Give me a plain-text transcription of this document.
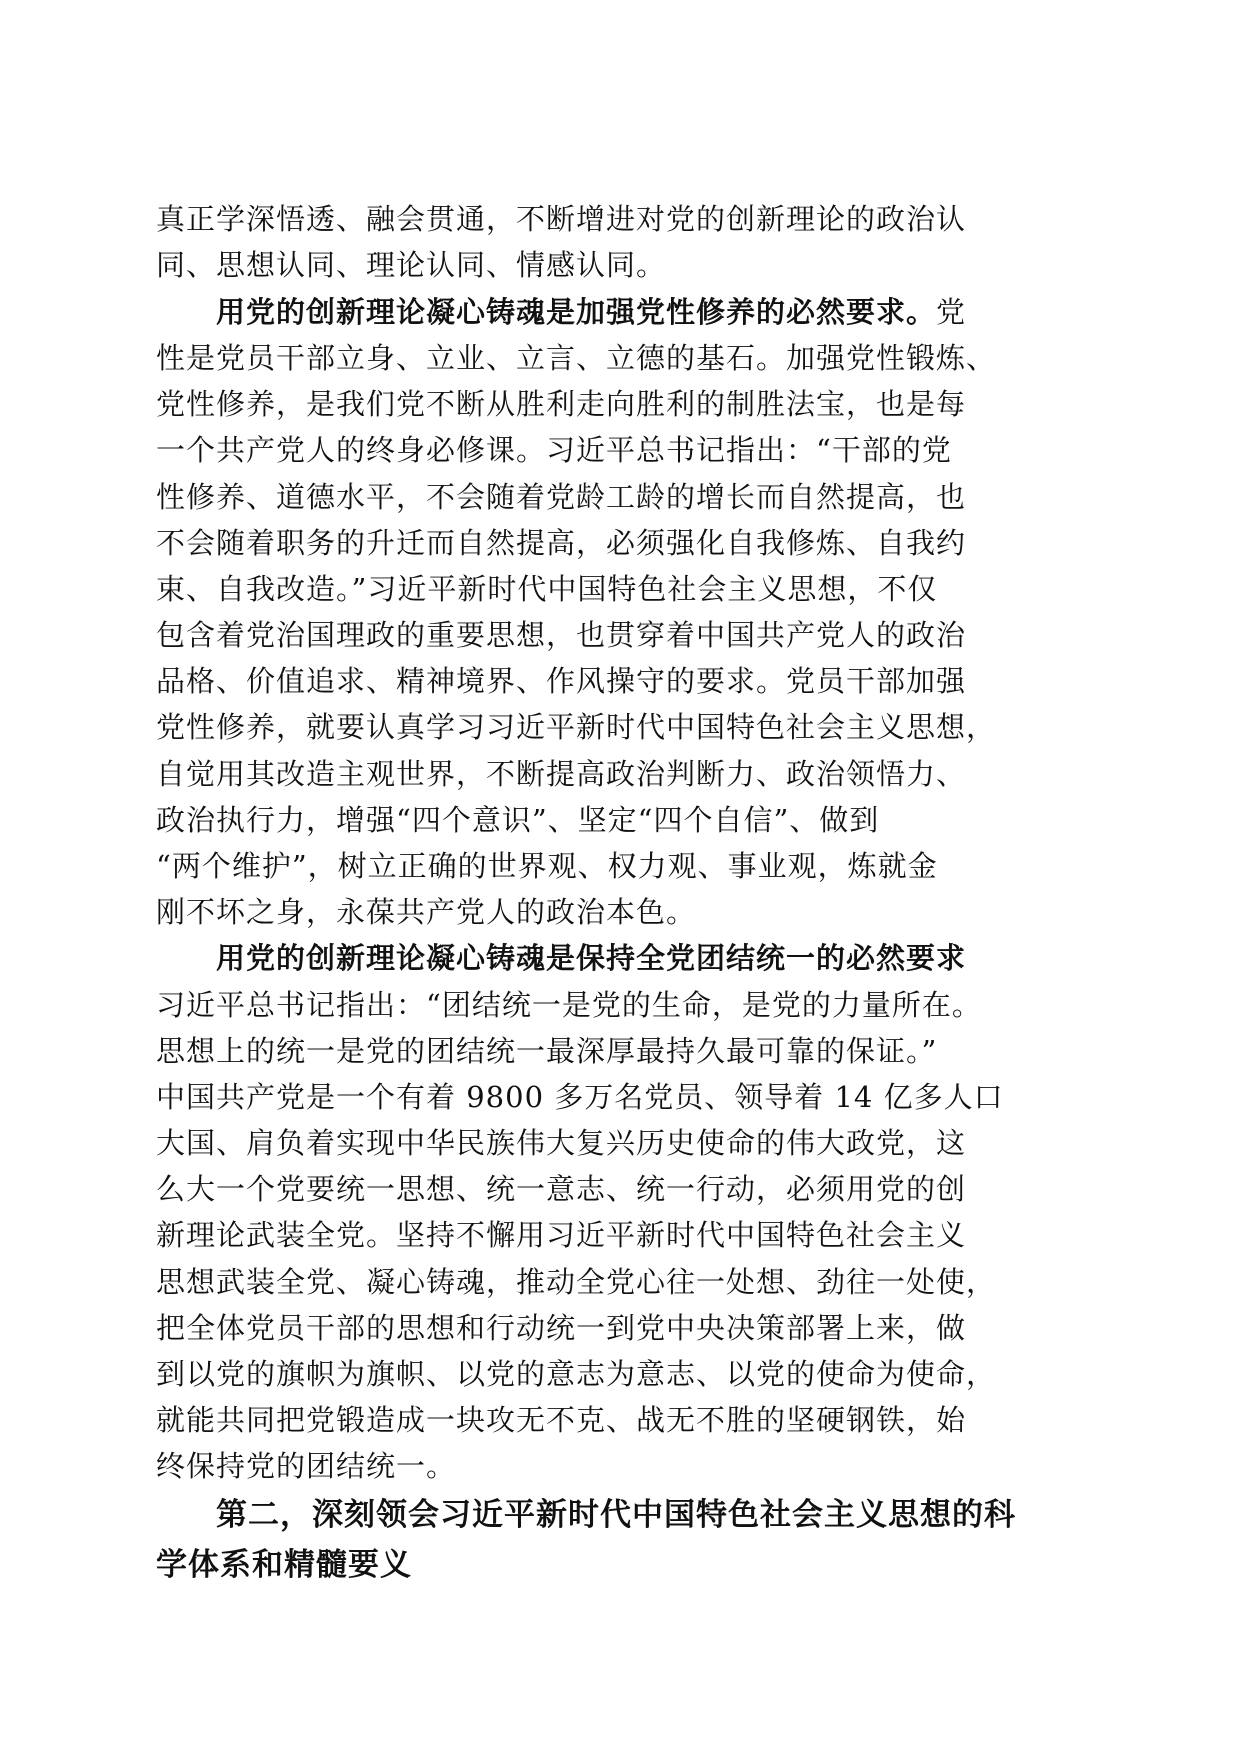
真正学深悟透、融会贯通，不断增进对党的创新理论的政治认
同、思想认同、理论认同、情感认同。
用党的创新理论凝心铸魂是加强党性修养的必然要求。党
性是党员干部立身、立业、立言、立德的基石。加强党性锻炼、
党性修养，是我们党不断从胜利走向胜利的制胜法宝，也是每
一个共产党人的终身必修课。习近平总书记指出：“干部的党
性修养、道德水平，不会随着党龄工龄的增长而自然提高，也
不会随着职务的升迁而自然提高，必须强化自我修炼、自我约
束、自我改造。”习近平新时代中国特色社会主义思想，不仅
包含着党治国理政的重要思想，也贯穿着中国共产党人的政治
品格、价值追求、精神境界、作风操守的要求。党员干部加强
党性修养，就要认真学习习近平新时代中国特色社会主义思想，
自觉用其改造主观世界，不断提高政治判断力、政治领悟力、
政治执行力，增强“四个意识”、坚定“四个自信”、做到
“两个维护”，树立正确的世界观、权力观、事业观，炼就金
刚不坏之身，永葆共产党人的政治本色。
用党的创新理论凝心铸魂是保持全党团结统一的必然要求
习近平总书记指出：“团结统一是党的生命，是党的力量所在。
思想上的统一是党的团结统一最深厚最持久最可靠的保证。”
中国共产党是一个有着 9800 多万名党员、领导着 14 亿多人口
大国、肩负着实现中华民族伟大复兴历史使命的伟大政党，这
么大一个党要统一思想、统一意志、统一行动，必须用党的创
新理论武装全党。坚持不懈用习近平新时代中国特色社会主义
思想武装全党、凝心铸魂，推动全党心往一处想、劲往一处使，
把全体党员干部的思想和行动统一到党中央决策部署上来，做
到以党的旗帜为旗帜、以党的意志为意志、以党的使命为使命，
就能共同把党锻造成一块攻无不克、战无不胜的坚硬钢铁，始
终保持党的团结统一。
第二，深刻领会习近平新时代中国特色社会主义思想的科
学体系和精髓要义
